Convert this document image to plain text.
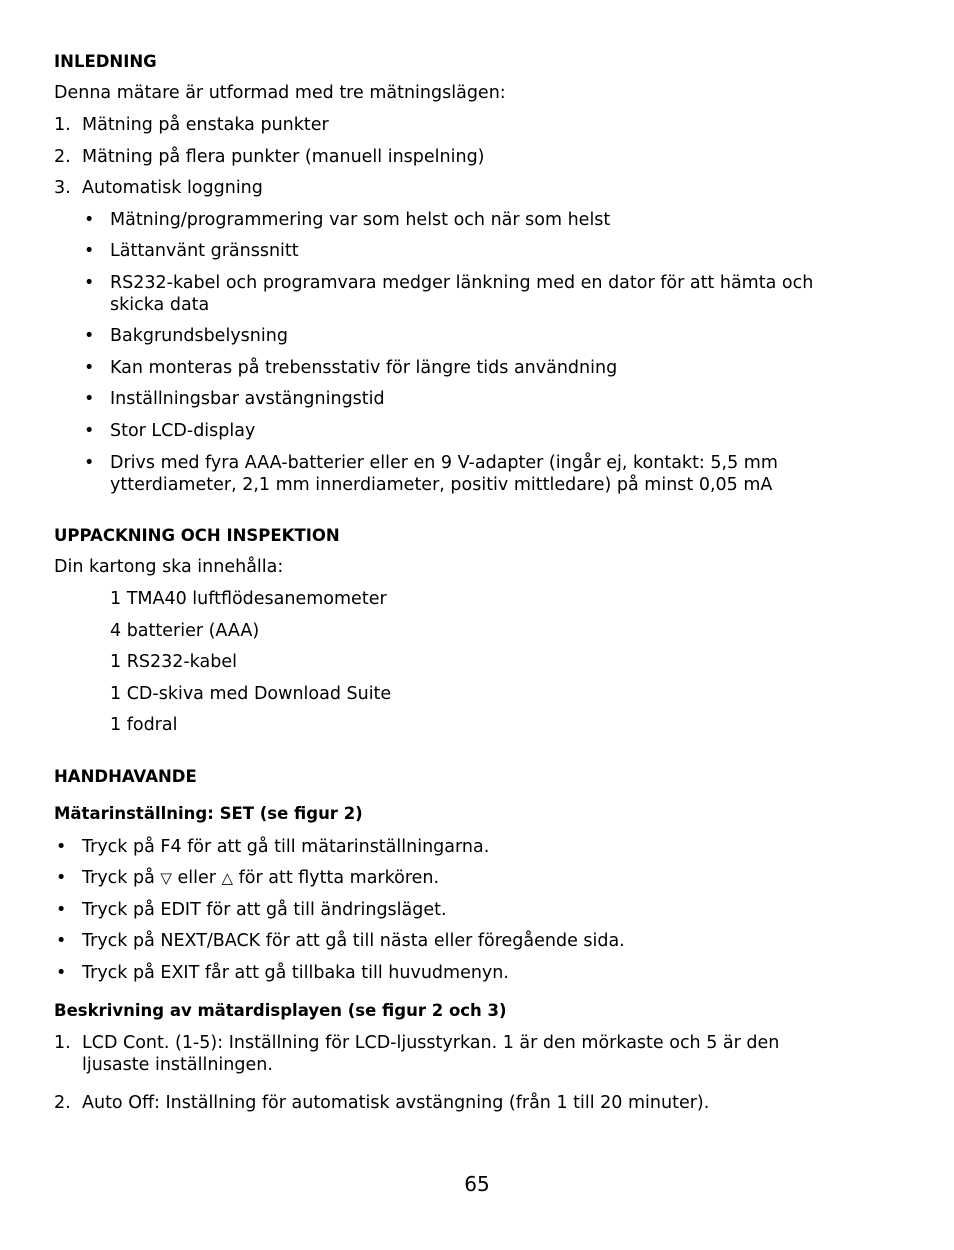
INLEDNING
Denna mätare är utformad med tre mätningslägen:
1. Mätning på enstaka punkter
2. Mätning på flera punkter (manuell inspelning)
3. Automatisk loggning
• Mätning/programmering var som helst och när som helst
• Lättanvänt gränssnitt
• RS232-kabel och programvara medger länkning med en dator för att hämta och
skicka data
• Bakgrundsbelysning
• Kan monteras på trebensstativ för längre tids användning
• Inställningsbar avstängningstid
• Stor LCD-display
• Drivs med fyra AAA-batterier eller en 9 V-adapter (ingår ej, kontakt: 5,5 mm
ytterdiameter, 2,1 mm innerdiameter, positiv mittledare) på minst 0,05 mA
UPPACKNING OCH INSPEKTION
Din kartong ska innehålla:
1 TMA40 luftflödesanemometer
4 batterier (AAA)
1 RS232-kabel
1 CD-skiva med Download Suite
1 fodral
HANDHAVANDE
Mätarinställning: SET (se figur 2)
• Tryck på F4 för att gå till mätarinställningarna.
• Tryck på ▽ eller △ för att flytta markören.
• Tryck på EDIT för att gå till ändringsläget.
• Tryck på NEXT/BACK för att gå till nästa eller föregående sida.
• Tryck på EXIT får att gå tillbaka till huvudmenyn.
Beskrivning av mätardisplayen (se figur 2 och 3)
1. LCD Cont. (1-5): Inställning för LCD-ljusstyrkan. 1 är den mörkaste och 5 är den
ljusaste inställningen.
2. Auto Off: Inställning för automatisk avstängning (från 1 till 20 minuter).
65
